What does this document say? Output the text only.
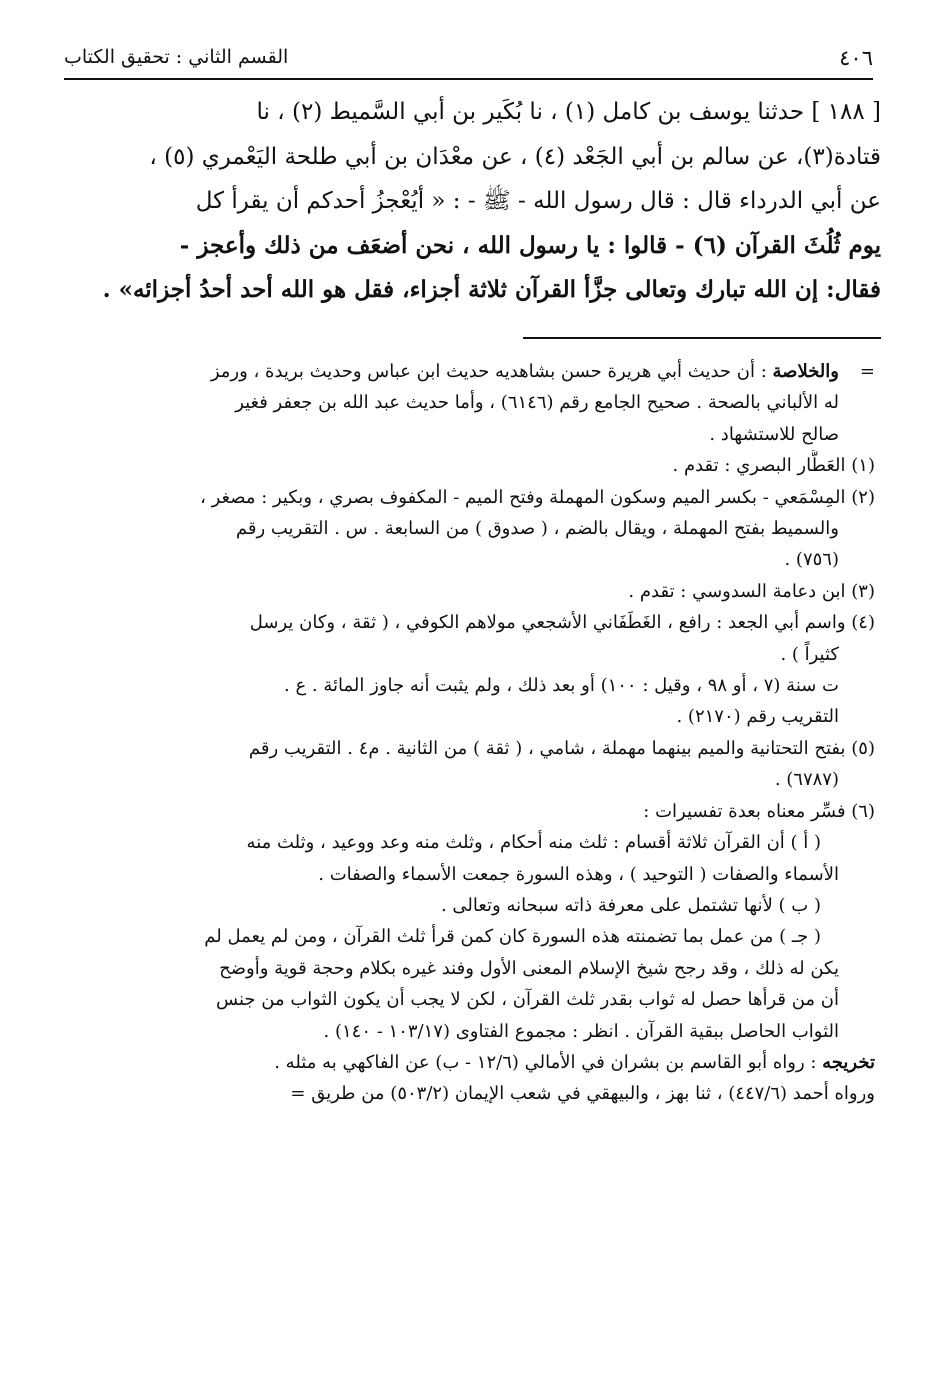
٤٠٦
القسم الثاني : تحقيق الكتاب
[ ١٨٨ ] حدثنا يوسف بن كامل (١) ، نا بُكَير بن أبي السَّميط (٢) ، نا
قتادة(٣)، عن سالم بن أبي الجَعْد (٤) ، عن معْدَان بن أبي طلحة اليَعْمري (٥) ،
عن أبي الدرداء قال : قال رسول الله - ﷺ - : « أيُعْجزُ أحدكم أن يقرأ كل
يوم ثُلُثَ القرآن (٦) - قالوا : يا رسول الله ، نحن أضعَف من ذلك وأعجز -
فقال: إن الله تبارك وتعالى جزَّأ القرآن ثلاثة أجزاء، فقل هو الله أحد أحدُ أجزائه» .
=
والخلاصة : أن حديث أبي هريرة حسن بشاهديه حديث ابن عباس وحديث بريدة ، ورمز
له الألباني بالصحة . صحيح الجامع رقم (٦١٤٦) ، وأما حديث عبد الله بن جعفر فغير
صالح للاستشهاد .
(١) العَطَّار البصري : تقدم .
(٢) المِسْمَعي - بكسر الميم وسكون المهملة وفتح الميم - المكفوف بصري ، وبكير : مصغر ،
والسميط بفتح المهملة ، ويقال بالضم ، ( صدوق ) من السابعة . س . التقريب رقم
(٧٥٦) .
(٣) ابن دعامة السدوسي : تقدم .
(٤) واسم أبي الجعد : رافع ، الغَطَفَاني الأشجعي مولاهم الكوفي ، ( ثقة ، وكان يرسل
كثيراً ) .
ت سنة (٧ ، أو ٩٨ ، وقيل : ١٠٠) أو بعد ذلك ، ولم يثبت أنه جاوز المائة . ع .
التقريب رقم (٢١٧٠) .
(٥) بفتح التحتانية والميم بينهما مهملة ، شامي ، ( ثقة ) من الثانية . م٤ . التقريب رقم
(٦٧٨٧) .
(٦) فسِّر معناه بعدة تفسيرات :
( أ ) أن القرآن ثلاثة أقسام : ثلث منه أحكام ، وثلث منه وعد ووعيد ، وثلث منه
الأسماء والصفات ( التوحيد ) ، وهذه السورة جمعت الأسماء والصفات .
( ب ) لأنها تشتمل على معرفة ذاته سبحانه وتعالى .
( جـ ) من عمل بما تضمنته هذه السورة كان كمن قرأ ثلث القرآن ، ومن لم يعمل لم
يكن له ذلك ، وقد رجح شيخ الإسلام المعنى الأول وفند غيره بكلام وحجة قوية وأوضح
أن من قرأها حصل له ثواب بقدر ثلث القرآن ، لكن لا يجب أن يكون الثواب من جنس
الثواب الحاصل ببقية القرآن . انظر : مجموع الفتاوى (١٠٣/١٧ - ١٤٠) .
تخريجه : رواه أبو القاسم بن بشران في الأمالي (١٢/٦ - ب) عن الفاكهي به مثله .
ورواه أحمد (٤٤٧/٦) ، ثنا بهز ، والبيهقي في شعب الإيمان (٥٠٣/٢) من طريق =
